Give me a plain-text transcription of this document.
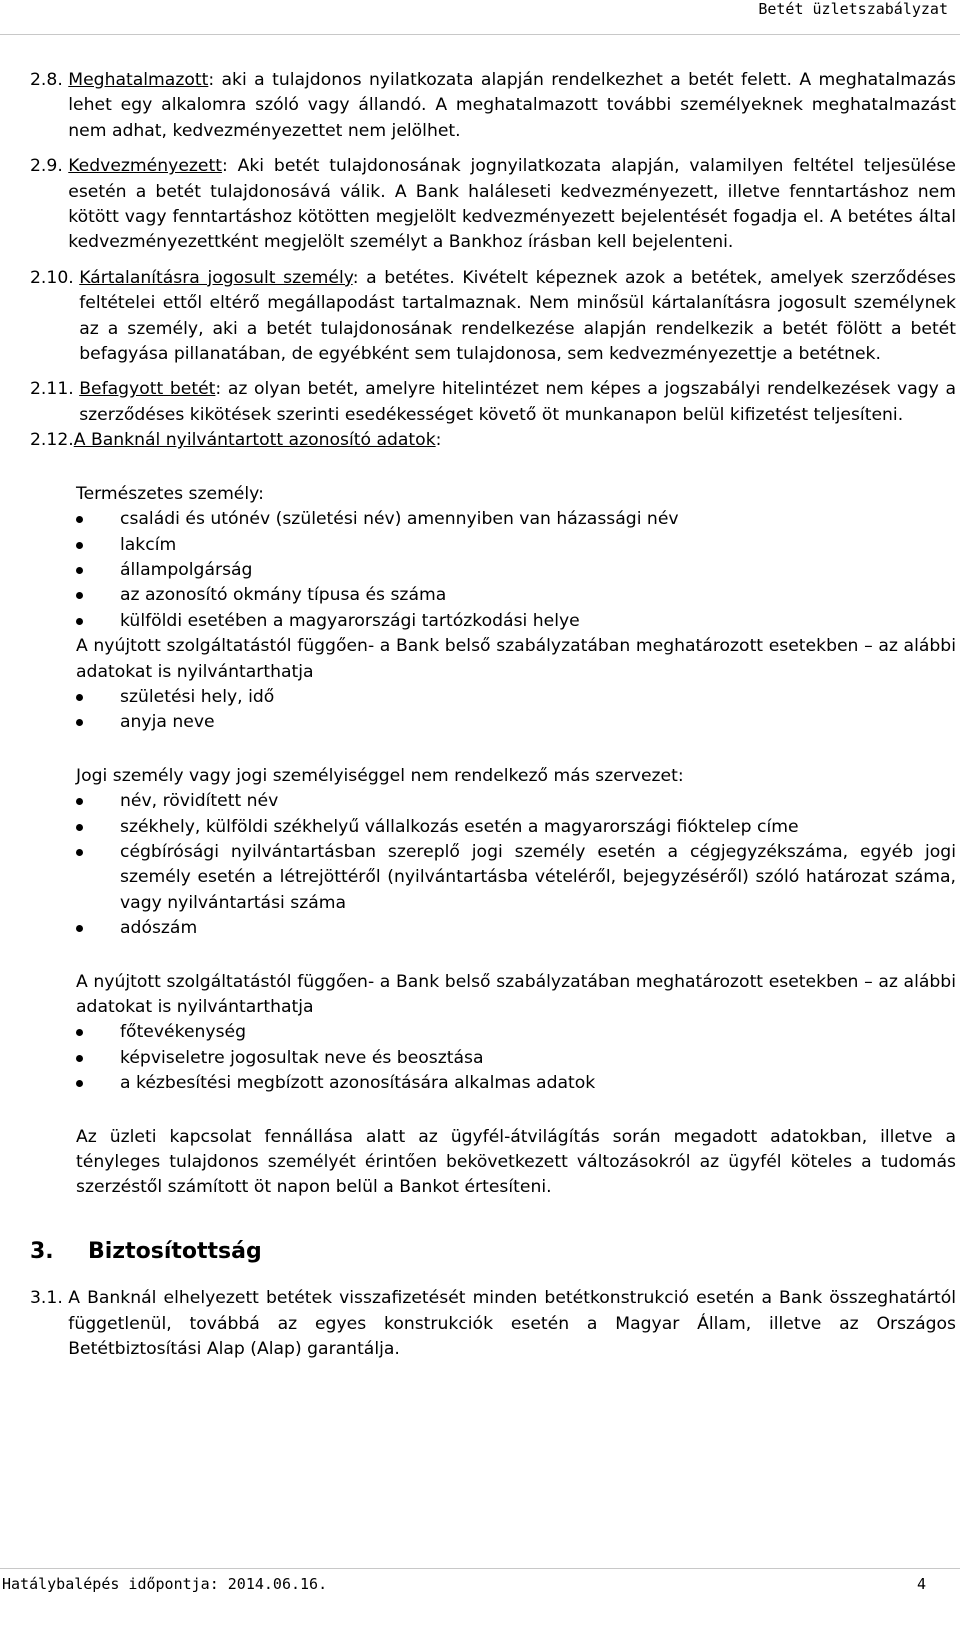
Betét üzletszabályzat
2.8. Meghatalmazott: aki a tulajdonos nyilatkozata alapján rendelkezhet a betét felett. A meghatalmazás lehet egy alkalomra szóló vagy állandó. A meghatalmazott további személyeknek meghatalmazást nem adhat, kedvezményezettet nem jelölhet.
2.9. Kedvezményezett: Aki betét tulajdonosának jognyilatkozata alapján, valamilyen feltétel teljesülése esetén a betét tulajdonosává válik. A Bank haláleseti kedvezményezett, illetve fenntartáshoz nem kötött vagy fenntartáshoz kötötten megjelölt kedvezményezett bejelentését fogadja el. A betétes által kedvezményezettként megjelölt személyt a Bankhoz írásban kell bejelenteni.
2.10. Kártalanításra jogosult személy: a betétes. Kivételt képeznek azok a betétek, amelyek szerződéses feltételei ettől eltérő megállapodást tartalmaznak. Nem minősül kártalanításra jogosult személynek az a személy, aki a betét tulajdonosának rendelkezése alapján rendelkezik a betét fölött a betét befagyása pillanatában, de egyébként sem tulajdonosa, sem kedvezményezettje a betétnek.
2.11. Befagyott betét: az olyan betét, amelyre hitelintézet nem képes a jogszabályi rendelkezések vagy a szerződéses kikötések szerinti esedékességet követő öt munkanapon belül kifizetést teljesíteni.
2.12. A Banknál nyilvántartott azonosító adatok:
Természetes személy:
családi és utónév (születési név) amennyiben van házassági név
lakcím
állampolgárság
az azonosító okmány típusa és száma
külföldi esetében a magyarországi tartózkodási helye
A nyújtott szolgáltatástól függően- a Bank belső szabályzatában meghatározott esetekben – az alábbi adatokat is nyilvántarthatja
születési hely, idő
anyja neve
Jogi személy vagy jogi személyiséggel nem rendelkező más szervezet:
név, rövidített név
székhely, külföldi székhelyű vállalkozás esetén a magyarországi fióktelep címe
cégbírósági nyilvántartásban szereplő jogi személy esetén a cégjegyzékszáma, egyéb jogi személy esetén a létrejöttéről (nyilvántartásba vételéről, bejegyzéséről) szóló határozat száma, vagy nyilvántartási száma
adószám
A nyújtott szolgáltatástól függően- a Bank belső szabályzatában meghatározott esetekben – az alábbi adatokat is nyilvántarthatja
főtevékenység
képviseletre jogosultak neve és beosztása
a kézbesítési megbízott azonosítására alkalmas adatok
Az üzleti kapcsolat fennállása alatt az ügyfél-átvilágítás során megadott adatokban, illetve a tényleges tulajdonos személyét érintően bekövetkezett változásokról az ügyfél köteles a tudomás szerzéstől számított öt napon belül a Bankot értesíteni.
3.	Biztosítottság
3.1. A Banknál elhelyezett betétek visszafizetését minden betétkonstrukció esetén a Bank összeghatártól függetlenül, továbbá az egyes konstrukciók esetén a Magyar Állam, illetve az Országos Betétbiztosítási Alap (Alap) garantálja.
Hatálybalépés időpontja: 2014.06.16.	4
